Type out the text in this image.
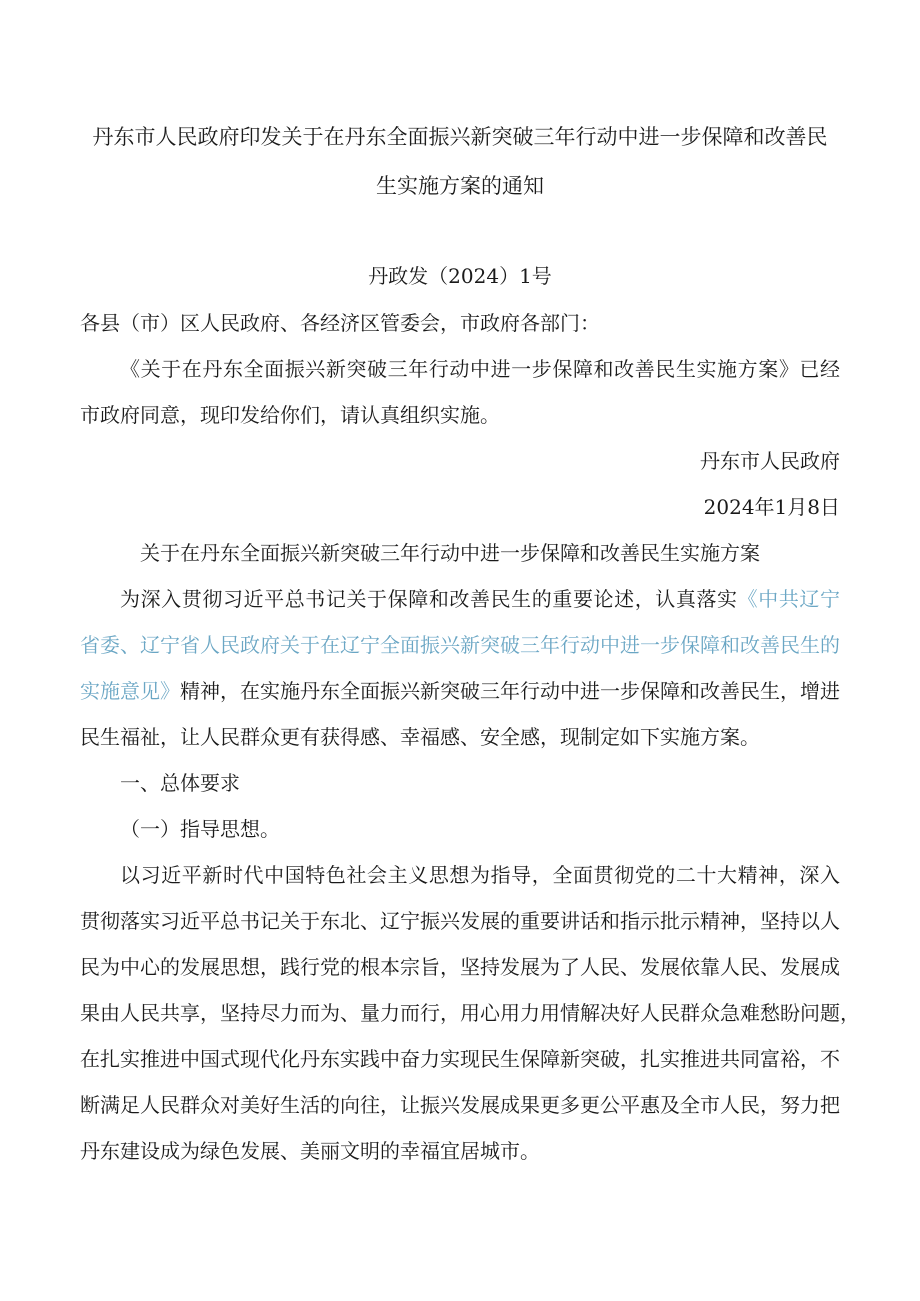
丹东市人民政府印发关于在丹东全面振兴新突破三年行动中进一步保障和改善民
生实施方案的通知
丹政发（2024）1号
各县（市）区人民政府、各经济区管委会，市政府各部门：
《关于在丹东全面振兴新突破三年行动中进一步保障和改善民生实施方案》已经
市政府同意，现印发给你们，请认真组织实施。
丹东市人民政府
2024年1月8日
关于在丹东全面振兴新突破三年行动中进一步保障和改善民生实施方案
为深入贯彻习近平总书记关于保障和改善民生的重要论述，认真落实《中共辽宁
省委、辽宁省人民政府关于在辽宁全面振兴新突破三年行动中进一步保障和改善民生的
实施意见》精神，在实施丹东全面振兴新突破三年行动中进一步保障和改善民生，增进
民生福祉，让人民群众更有获得感、幸福感、安全感，现制定如下实施方案。
一、总体要求
（一）指导思想。
以习近平新时代中国特色社会主义思想为指导，全面贯彻党的二十大精神，深入
贯彻落实习近平总书记关于东北、辽宁振兴发展的重要讲话和指示批示精神，坚持以人
民为中心的发展思想，践行党的根本宗旨，坚持发展为了人民、发展依靠人民、发展成
果由人民共享，坚持尽力而为、量力而行，用心用力用情解决好人民群众急难愁盼问题，
在扎实推进中国式现代化丹东实践中奋力实现民生保障新突破，扎实推进共同富裕，不
断满足人民群众对美好生活的向往，让振兴发展成果更多更公平惠及全市人民，努力把
丹东建设成为绿色发展、美丽文明的幸福宜居城市。
